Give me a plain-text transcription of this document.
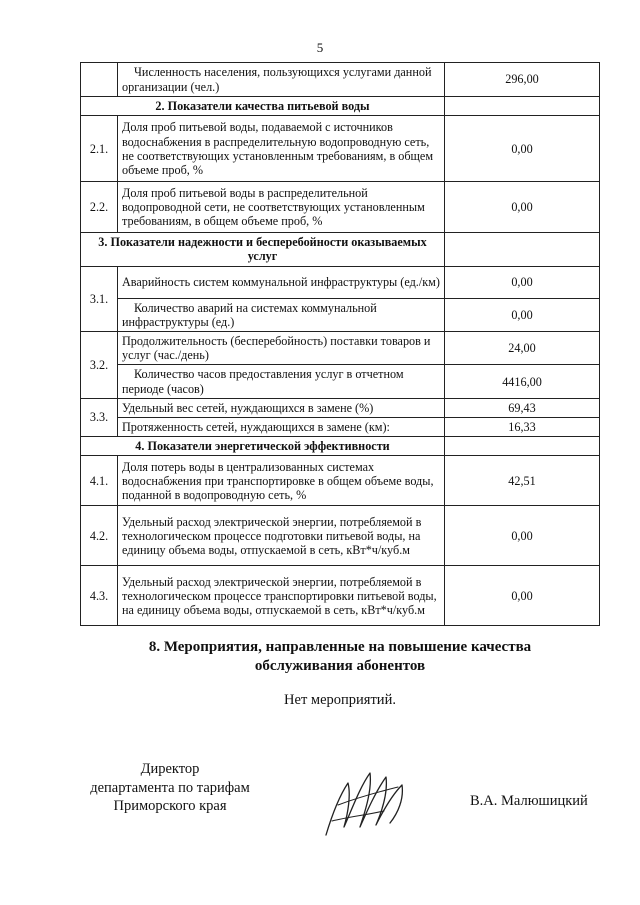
5
	Численность населения, пользующихся услугами данной организации (чел.)	296,00
2. Показатели качества питьевой воды		
2.1.	Доля проб питьевой воды, подаваемой с источников водоснабжения в распределительную водопроводную сеть, не соответствующих установленным требованиям, в общем объеме проб, %	0,00
2.2.	Доля проб питьевой воды в распределительной водопроводной сети, не соответствующих установленным требованиям, в общем объеме проб, %	0,00
3. Показатели надежности и бесперебойности оказываемых услуг		
3.1.	Аварийность систем коммунальной инфраструктуры (ед./км)	0,00
	Количество аварий на системах коммунальной инфраструктуры (ед.)	0,00
3.2.	Продолжительность (бесперебойность) поставки товаров и услуг (час./день)	24,00
	Количество часов предоставления услуг в отчетном периоде (часов)	4416,00
3.3.	Удельный вес сетей, нуждающихся в замене (%)	69,43
	Протяженность сетей, нуждающихся в замене (км):	16,33
4. Показатели энергетической эффективности		
4.1.	Доля потерь воды в централизованных системах водоснабжения при транспортировке в общем объеме воды, поданной в водопроводную сеть, %	42,51
4.2.	Удельный расход электрической энергии, потребляемой в технологическом процессе подготовки питьевой воды, на единицу объема воды, отпускаемой в сеть, кВт*ч/куб.м	0,00
4.3.	Удельный расход электрической энергии, потребляемой в технологическом процессе транспортировки питьевой воды, на единицу объема воды, отпускаемой в сеть, кВт*ч/куб.м	0,00
8. Мероприятия, направленные на повышение качества
обслуживания абонентов
Нет мероприятий.
Директор
департамента по тарифам
Приморского края	В.А. Малюшицкий
